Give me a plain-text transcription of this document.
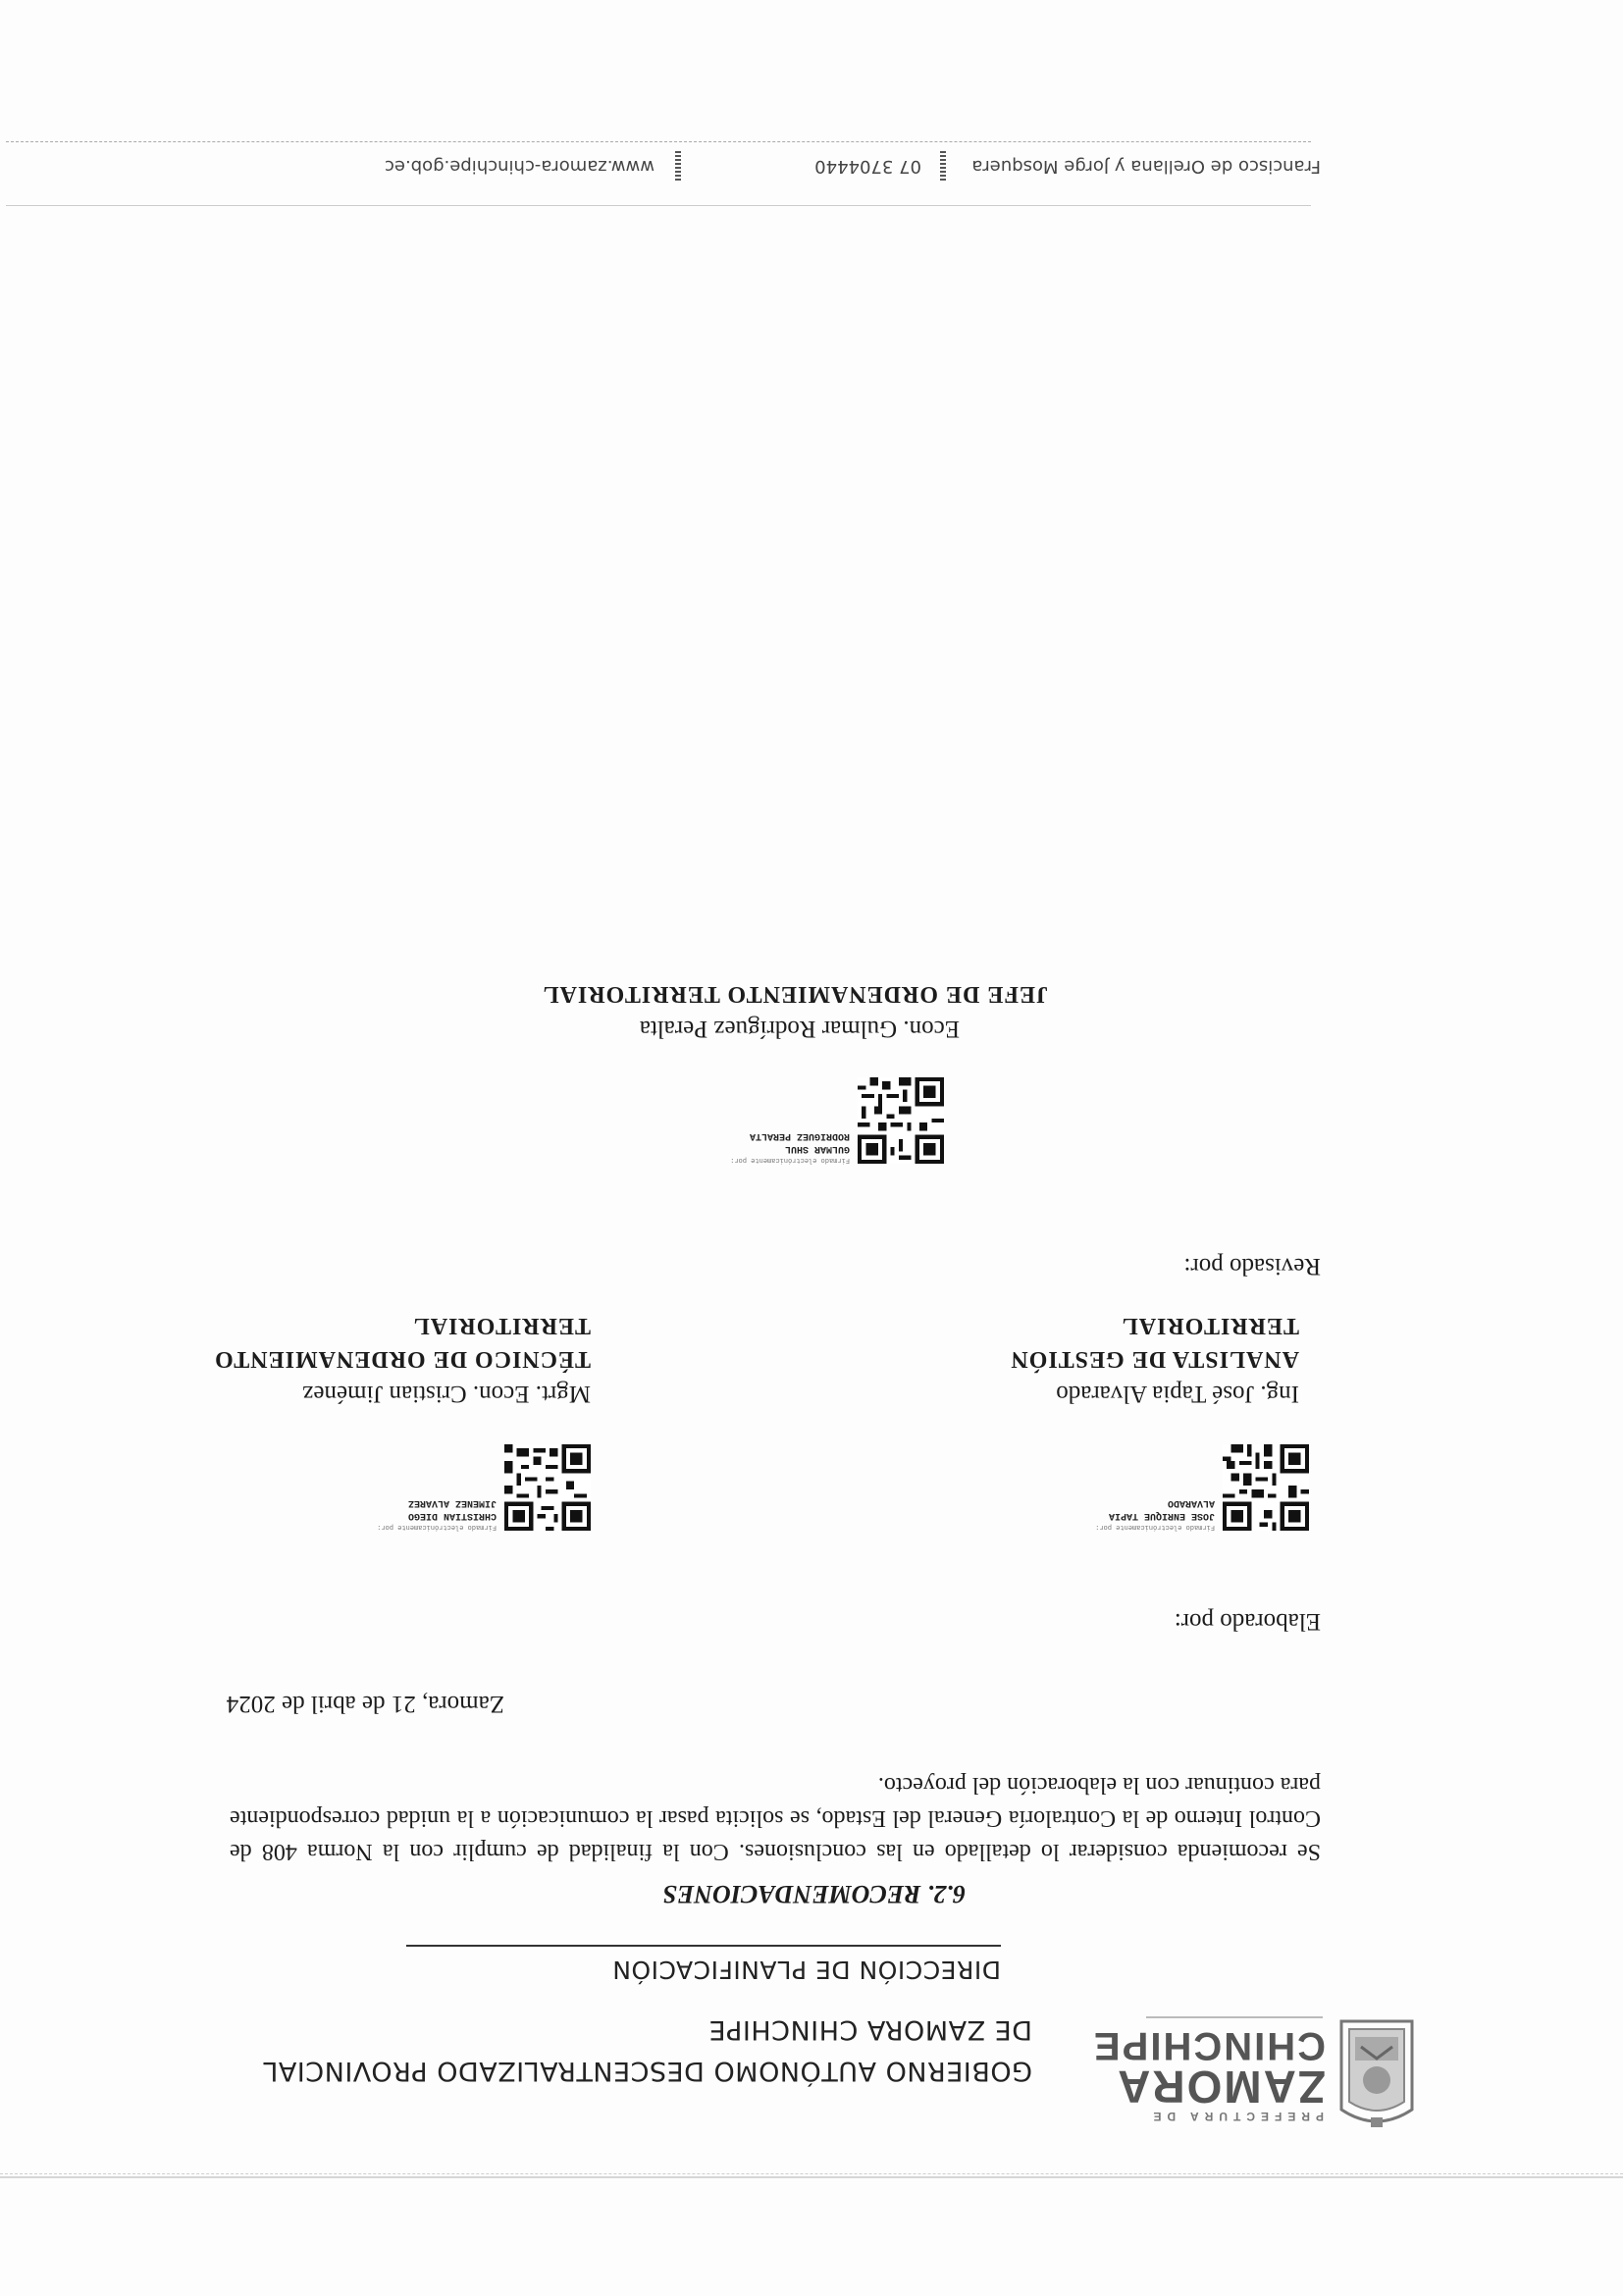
PREFECTURA DE
ZAMORA
CHINCHIPE
GOBIERNO AUTÓNOMO DESCENTRALIZADO PROVINCIAL
DE ZAMORA CHINCHIPE
DIRECCIÓN DE PLANIFICACIÓN
6.2. RECOMENDACIONES
Se recomienda considerar lo detallado en las conclusiones. Con la finalidad de cumplir con la Norma 408 de Control Interno de la Contraloría General del Estado, se solicita pasar la comunicación a la unidad correspondiente para continuar con la elaboración del proyecto.
Zamora, 21 de abril de 2024
Elaborado por:
Firmado electrónicamente por:
JOSE ENRIQUE TAPIA
ALVARADO
Ing. José Tapia Alvarado
ANALISTA DE GESTIÓN TERRITORIAL
Firmado electrónicamente por:
CHRISTIAN DIEGO
JIMENEZ ALVAREZ
Mgrt. Econ. Cristian Jiménez
TÉCNICO DE ORDENAMIENTO TERRITORIAL
Revisado por:
Firmado electrónicamente por:
GULMAR SHUL
RODRIGUEZ PERALTA
Econ. Gulmar Rodríguez Peralta
JEFE DE ORDENAMIENTO TERRITORIAL
Francisco de Orellana y Jorge Mosquera
07 3704440
www.zamora-chinchipe.gob.ec
